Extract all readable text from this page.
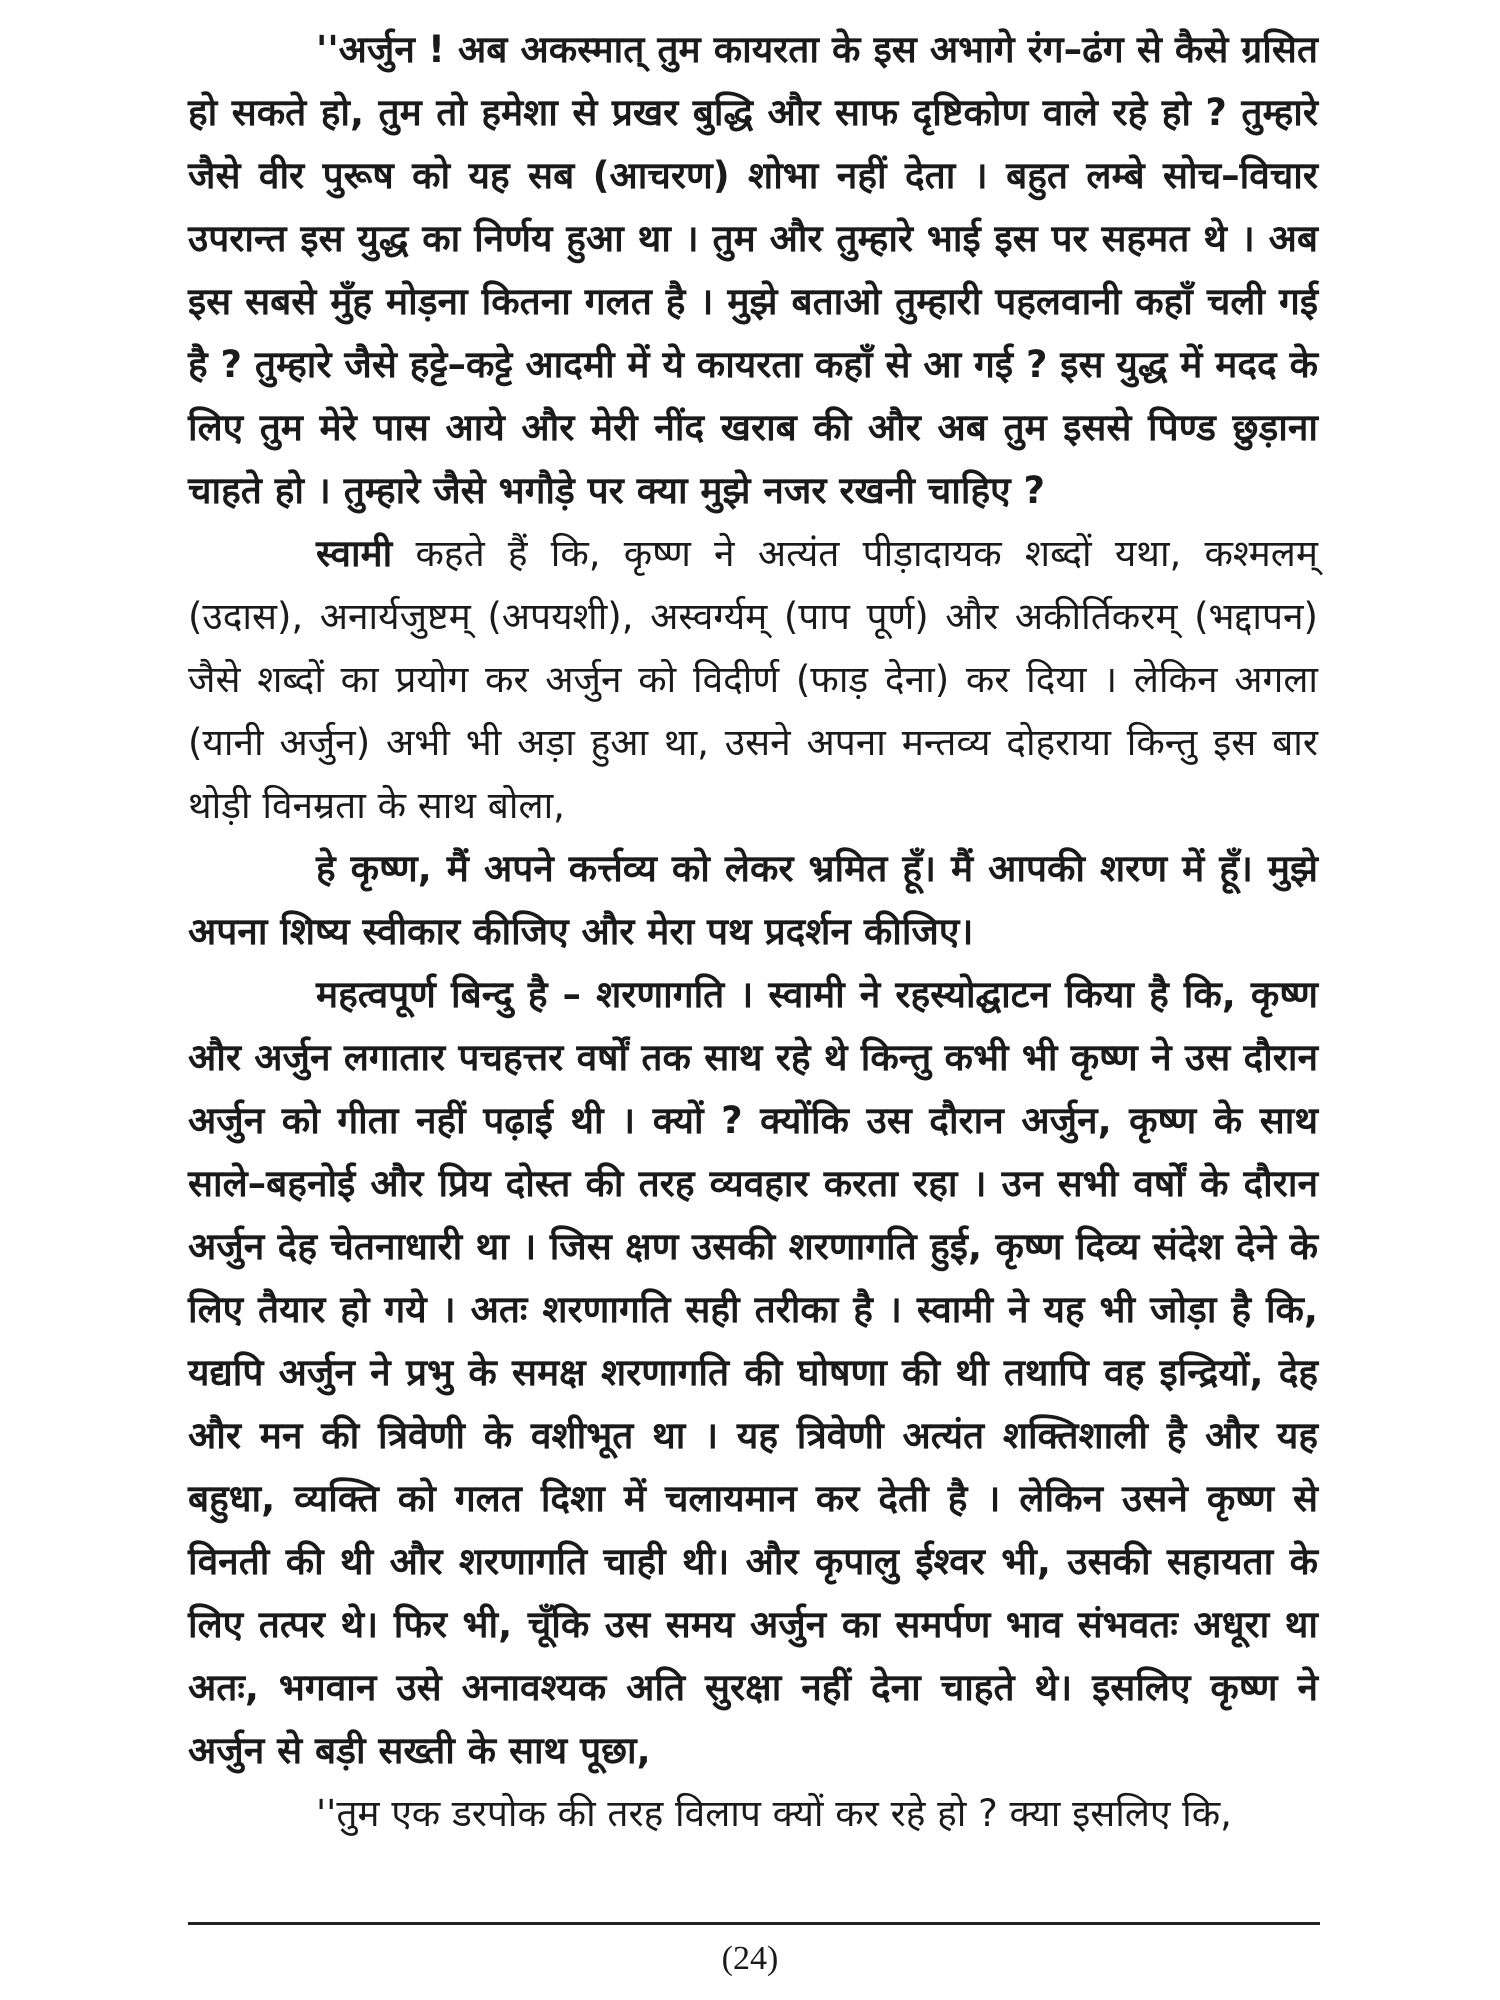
''अर्जुन ! अब अकस्मात् तुम कायरता के इस अभागे रंग–ढंग से कैसे ग्रसित हो सकते हो, तुम तो हमेशा से प्रखर बुद्धि और साफ दृष्टिकोण वाले रहे हो ? तुम्हारे जैसे वीर पुरूष को यह सब (आचरण) शोभा नहीं देता । बहुत लम्बे सोच–विचार उपरान्त इस युद्ध का निर्णय हुआ था । तुम और तुम्हारे भाई इस पर सहमत थे । अब इस सबसे मुँह मोड़ना कितना गलत है । मुझे बताओ तुम्हारी पहलवानी कहाँ चली गई है ? तुम्हारे जैसे हट्टे–कट्टे आदमी में ये कायरता कहाँ से आ गई ? इस युद्ध में मदद के लिए तुम मेरे पास आये और मेरी नींद खराब की और अब तुम इससे पिण्ड छुड़ाना चाहते हो । तुम्हारे जैसे भगौड़े पर क्या मुझे नजर रखनी चाहिए ?

स्वामी कहते हैं कि, कृष्ण ने अत्यंत पीड़ादायक शब्दों यथा, कश्मलम् (उदास), अनार्यजुष्टम् (अपयशी), अस्वर्ग्यम् (पाप पूर्ण) और अकीर्तिकरम् (भद्दापन) जैसे शब्दों का प्रयोग कर अर्जुन को विदीर्ण (फाड़ देना) कर दिया । लेकिन अगला (यानी अर्जुन) अभी भी अड़ा हुआ था, उसने अपना मन्तव्य दोहराया किन्तु इस बार थोड़ी विनम्रता के साथ बोला,

हे कृष्ण, मैं अपने कर्त्तव्य को लेकर भ्रमित हूँ। मैं आपकी शरण में हूँ। मुझे अपना शिष्य स्वीकार कीजिए और मेरा पथ प्रदर्शन कीजिए।

महत्वपूर्ण बिन्दु है – शरणागति । स्वामी ने रहस्योद्घाटन किया है कि, कृष्ण और अर्जुन लगातार पचहत्तर वर्षों तक साथ रहे थे किन्तु कभी भी कृष्ण ने उस दौरान अर्जुन को गीता नहीं पढ़ाई थी । क्यों ? क्योंकि उस दौरान अर्जुन, कृष्ण के साथ साले–बहनोई और प्रिय दोस्त की तरह व्यवहार करता रहा । उन सभी वर्षों के दौरान अर्जुन देह चेतनाधारी था । जिस क्षण उसकी शरणागति हुई, कृष्ण दिव्य संदेश देने के लिए तैयार हो गये । अतः शरणागति सही तरीका है । स्वामी ने यह भी जोड़ा है कि, यद्यपि अर्जुन ने प्रभु के समक्ष शरणागति की घोषणा की थी तथापि वह इन्द्रियों, देह और मन की त्रिवेणी के वशीभूत था । यह त्रिवेणी अत्यंत शक्तिशाली है और यह बहुधा, व्यक्ति को गलत दिशा में चलायमान कर देती है । लेकिन उसने कृष्ण से विनती की थी और शरणागति चाही थी। और कृपालु ईश्वर भी, उसकी सहायता के लिए तत्पर थे। फिर भी, चूँकि उस समय अर्जुन का समर्पण भाव संभवतः अधूरा था अतः, भगवान उसे अनावश्यक अति सुरक्षा नहीं देना चाहते थे। इसलिए कृष्ण ने अर्जुन से बड़ी सख्ती के साथ पूछा,

''तुम एक डरपोक की तरह विलाप क्यों कर रहे हो ? क्या इसलिए कि,

(24)
